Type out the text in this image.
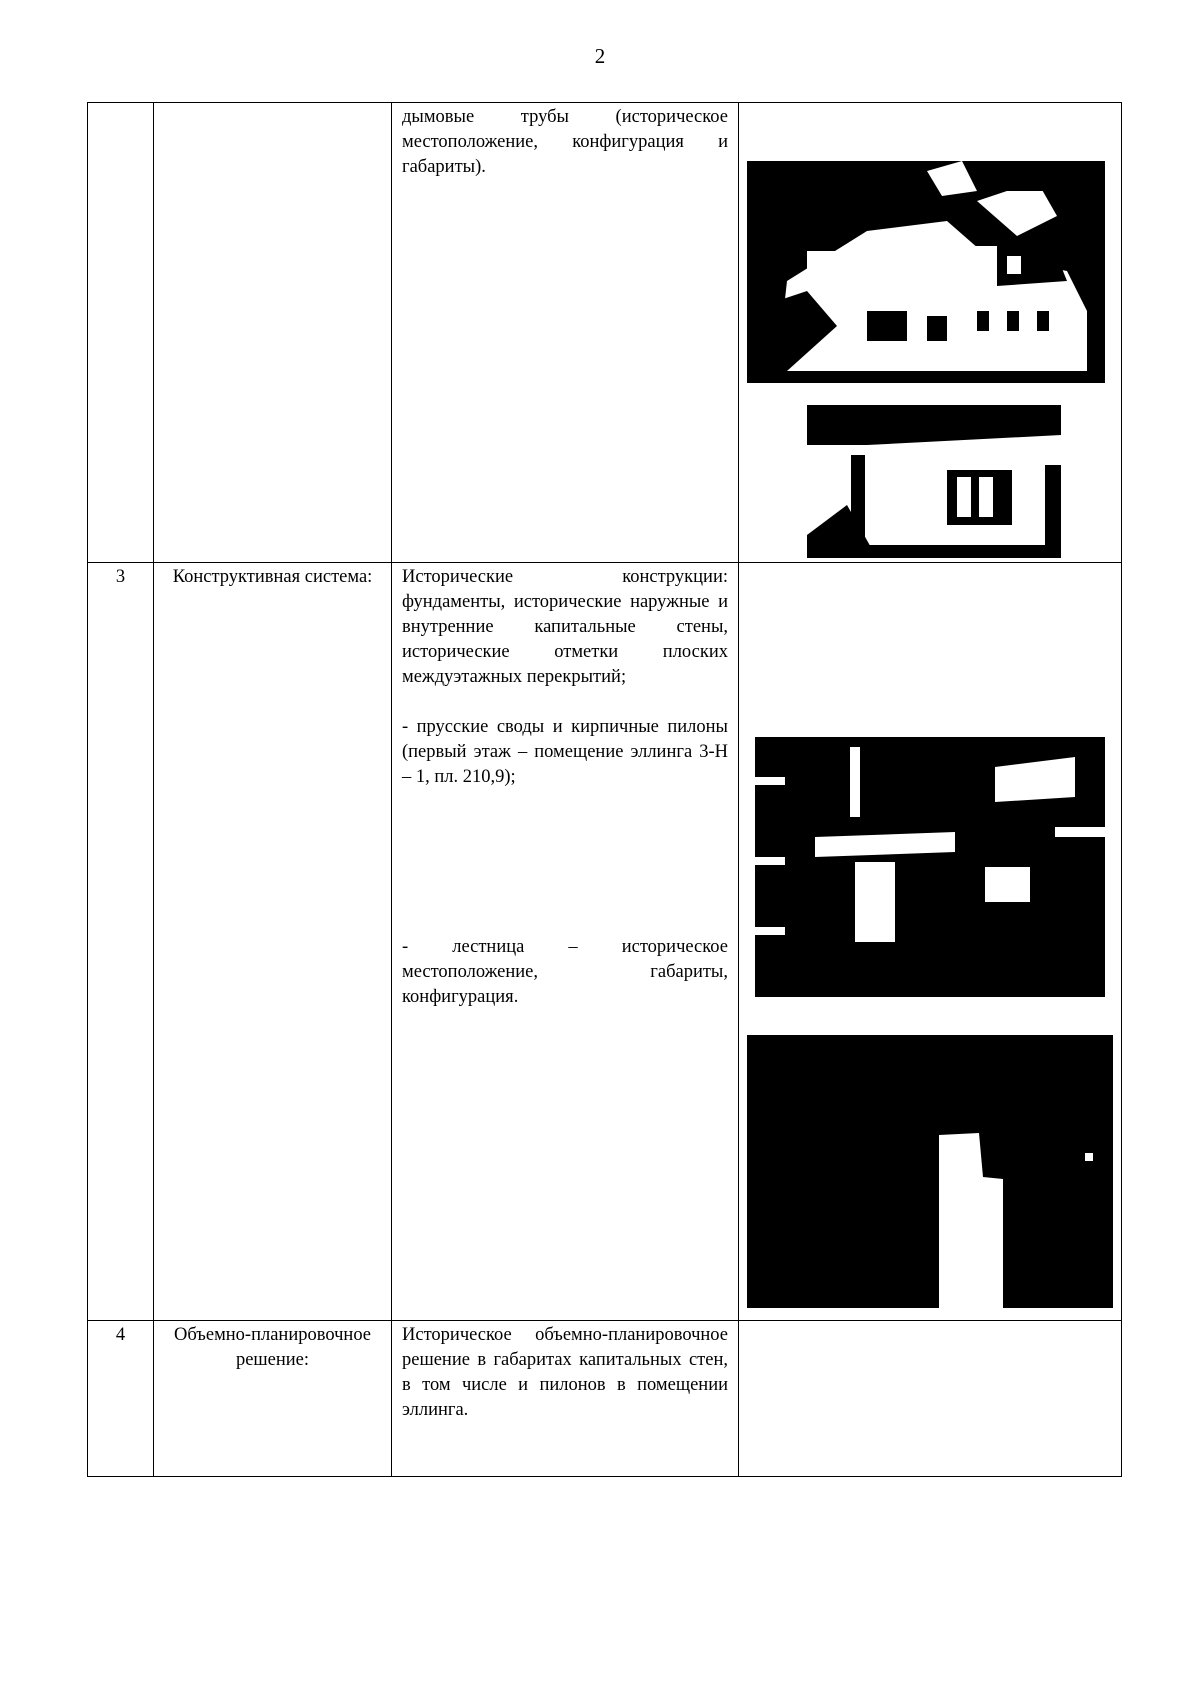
2

		дымовые трубы (историческое местоположение, конфигурация и габариты).

3	Конструктивная система:	Исторические конструкции: фундаменты, исторические наружные и внутренние капитальные стены, исторические отметки плоских междуэтажных перекрытий;

- прусские своды и кирпичные пилоны (первый этаж – помещение эллинга 3-Н – 1, пл. 210,9);

- лестница – историческое местоположение, габариты, конфигурация.

4	Объемно-планировочное решение:	Историческое объемно-планировочное решение в габаритах капитальных стен, в том числе и пилонов в помещении эллинга.	
